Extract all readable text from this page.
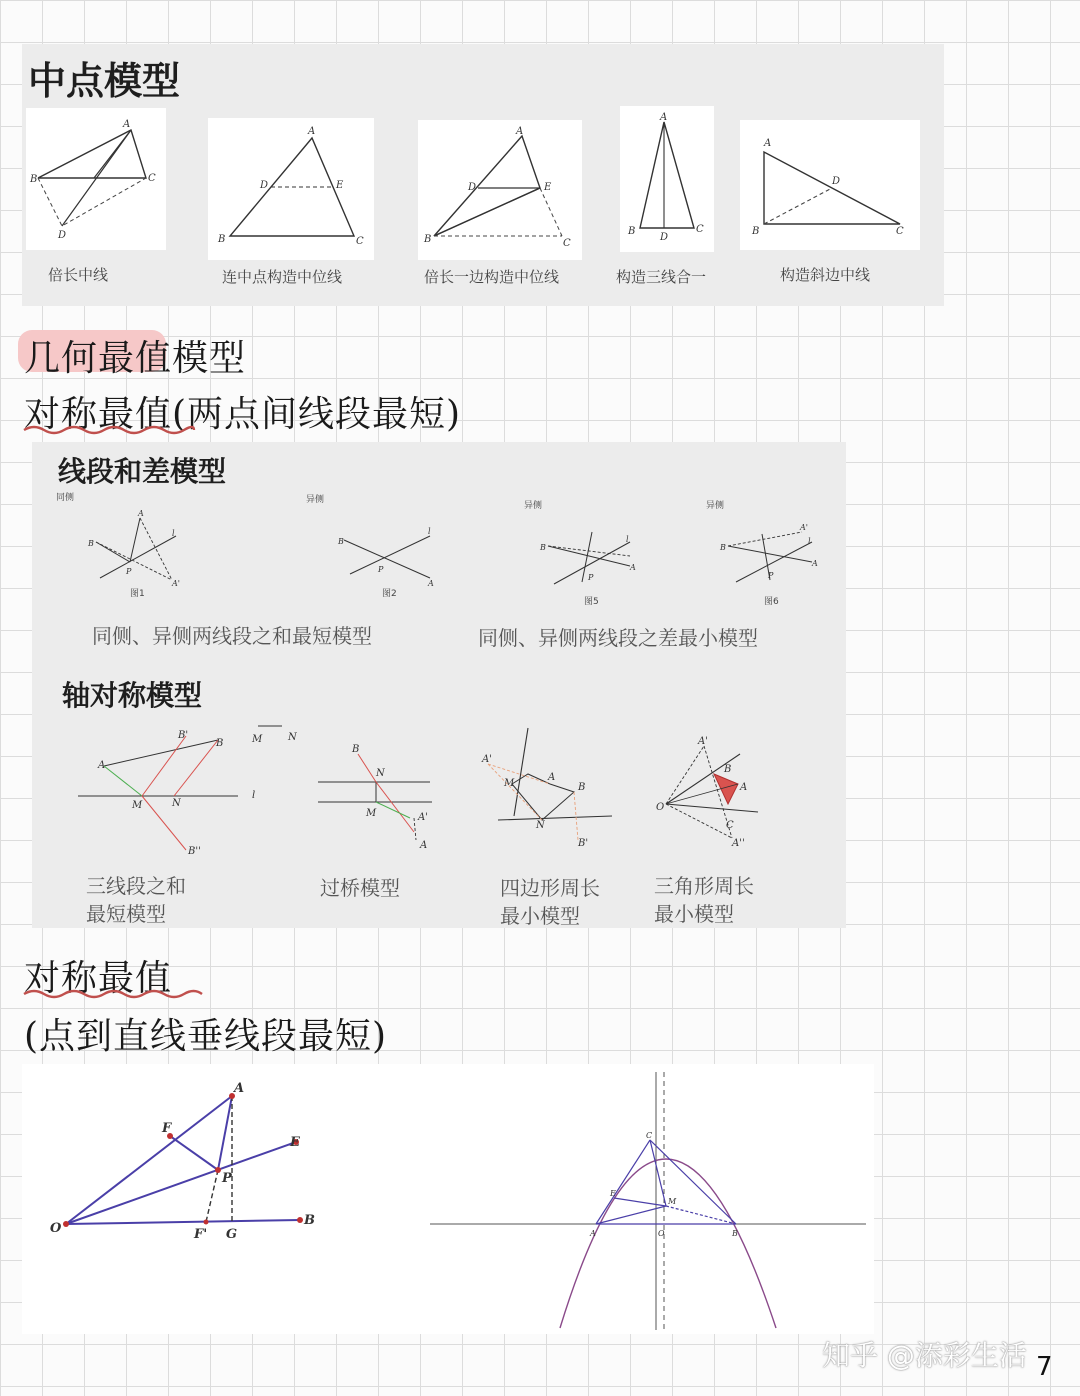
中点模型
A
B	C
D
倍长中线
A
D	E
B	C
连中点构造中位线
A
D	E
B	C
倍长一边构造中位线
A
B
D
C
构造三线合一
A
D
B	C
构造斜边中线
几何最值模型
对称最值(两点间线段最短)
线段和差模型
同侧	异侧
异侧	异侧
B
A
l
P
A'
图1
B
l
P
A
图2
B
l
P
A
图5
B
A'
l
P
A
图6
同侧、异侧两线段之和最短模型	同侧、异侧两线段之差最小模型
轴对称模型
A
B'
B
M	N
B''
M	N
l
三线段之和
最短模型
B
N
M	A'
A
过桥模型
A'
M
A
B
N
B'
四边形周长
最小模型
A'
B
A
O
C
A''
三角形周长
最小模型
对称最值
(点到直线垂线段最短)
O
A
F
P
E
B
F' G
C
E
M
A	B
O
知乎 @添彩生活 7
